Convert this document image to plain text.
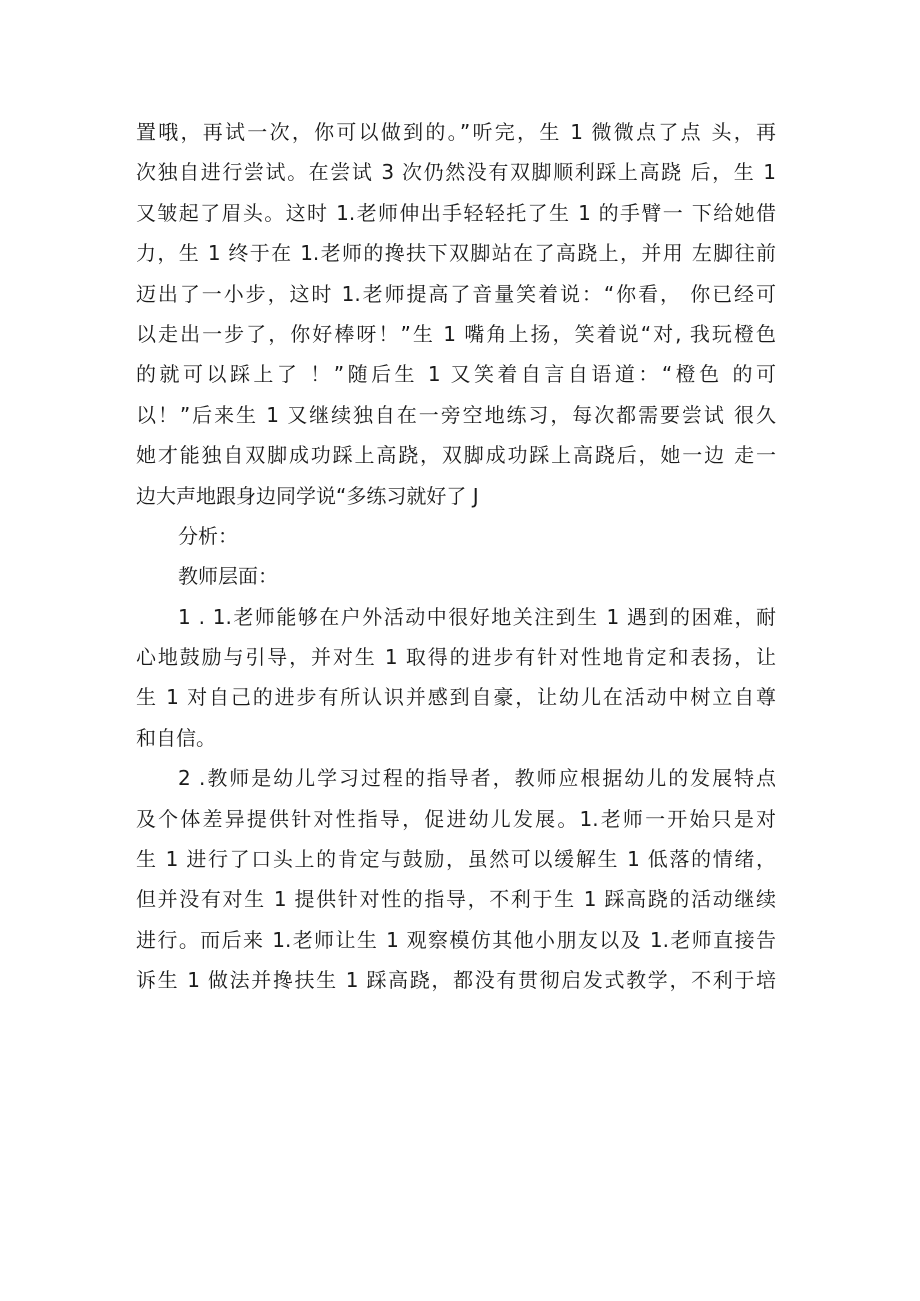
置哦，再试一次，你可以做到的。”听完，生 1 微微点了点 头，再
次独自进行尝试。在尝试 3 次仍然没有双脚顺利踩上高跷 后，生 1
又皱起了眉头。这时 1.老师伸出手轻轻托了生 1 的手臂一 下给她借
力，生 1 终于在 1.老师的搀扶下双脚站在了高跷上，并用 左脚往前
迈出了一小步，这时 1.老师提高了音量笑着说：“你看， 你已经可
以走出一步了，你好棒呀！”生 1 嘴角上扬，笑着说“对, 我玩橙色
的就可以踩上了 ！”随后生 1 又笑着自言自语道：“橙色 的可
以！”后来生 1 又继续独自在一旁空地练习，每次都需要尝试 很久
她才能独自双脚成功踩上高跷，双脚成功踩上高跷后，她一边 走一
边大声地跟身边同学说“多练习就好了 J
分析：
教师层面：
1 . 1.老师能够在户外活动中很好地关注到生 1 遇到的困难，耐
心地鼓励与引导，并对生 1 取得的进步有针对性地肯定和表扬，让
生 1 对自己的进步有所认识并感到自豪，让幼儿在活动中树立自尊
和自信。
2 .教师是幼儿学习过程的指导者，教师应根据幼儿的发展特点
及个体差异提供针对性指导，促进幼儿发展。1.老师一开始只是对
生 1 进行了口头上的肯定与鼓励，虽然可以缓解生 1 低落的情绪，
但并没有对生 1 提供针对性的指导，不利于生 1 踩高跷的活动继续
进行。而后来 1.老师让生 1 观察模仿其他小朋友以及 1.老师直接告
诉生 1 做法并搀扶生 1 踩高跷，都没有贯彻启发式教学，不利于培
